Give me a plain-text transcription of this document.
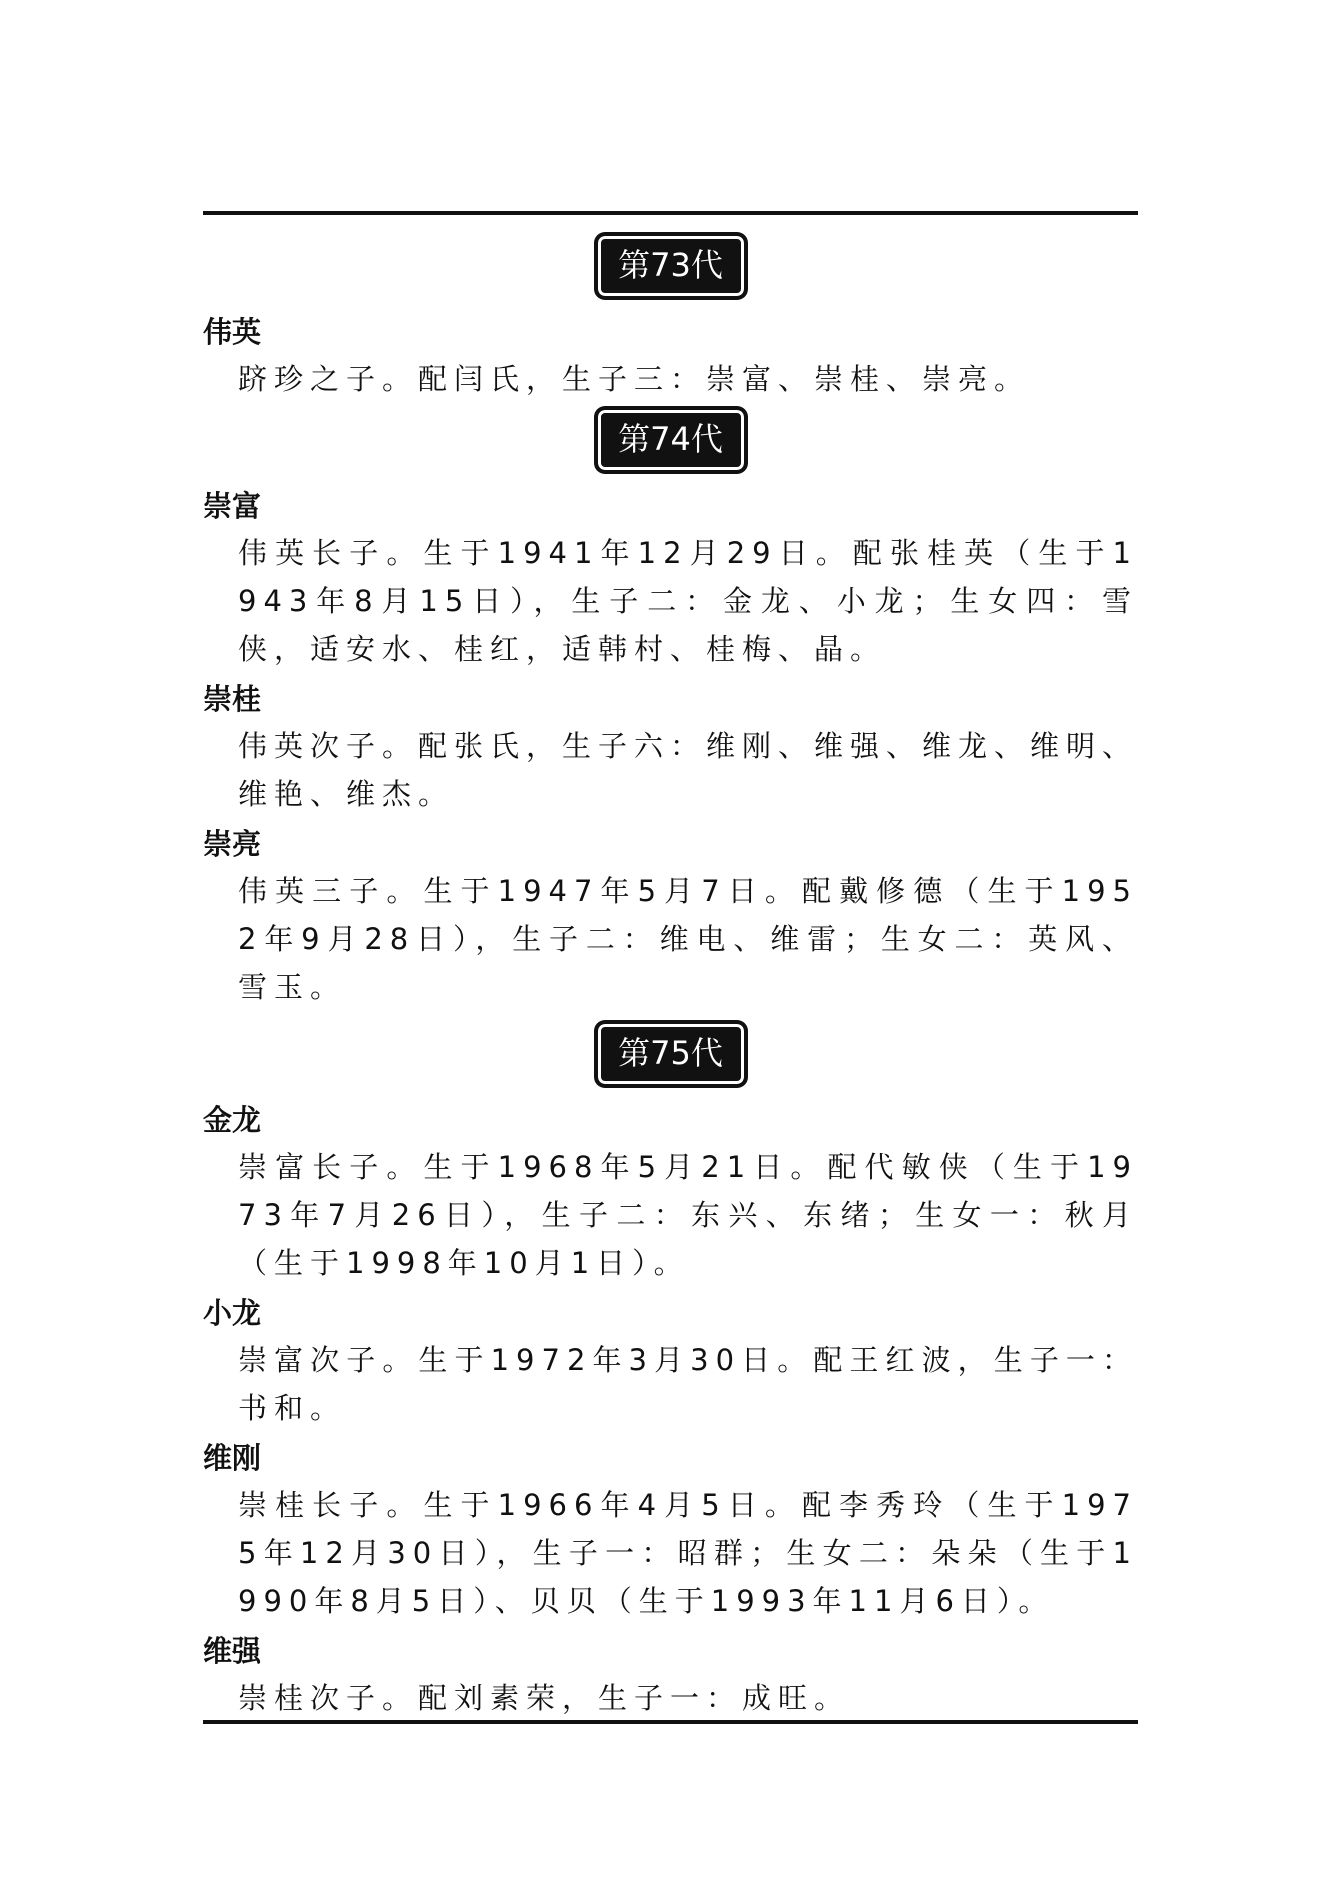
第73代
伟英
跻珍之子。配闫氏，生子三：崇富、崇桂、崇亮。
第74代
崇富
伟英长子。生于1941年12月29日。配张桂英（生于1943年8月15日），生子二：金龙、小龙；生女四：雪侠，适安水、桂红，适韩村、桂梅、晶。
崇桂
伟英次子。配张氏，生子六：维刚、维强、维龙、维明、维艳、维杰。
崇亮
伟英三子。生于1947年5月7日。配戴修德（生于1952年9月28日），生子二：维电、维雷；生女二：英风、雪玉。
第75代
金龙
崇富长子。生于1968年5月21日。配代敏侠（生于1973年7月26日），生子二：东兴、东绪；生女一：秋月（生于1998年10月1日）。
小龙
崇富次子。生于1972年3月30日。配王红波，生子一：书和。
维刚
崇桂长子。生于1966年4月5日。配李秀玲（生于1975年12月30日），生子一：昭群；生女二：朵朵（生于1990年8月5日）、贝贝（生于1993年11月6日）。
维强
崇桂次子。配刘素荣，生子一：成旺。
